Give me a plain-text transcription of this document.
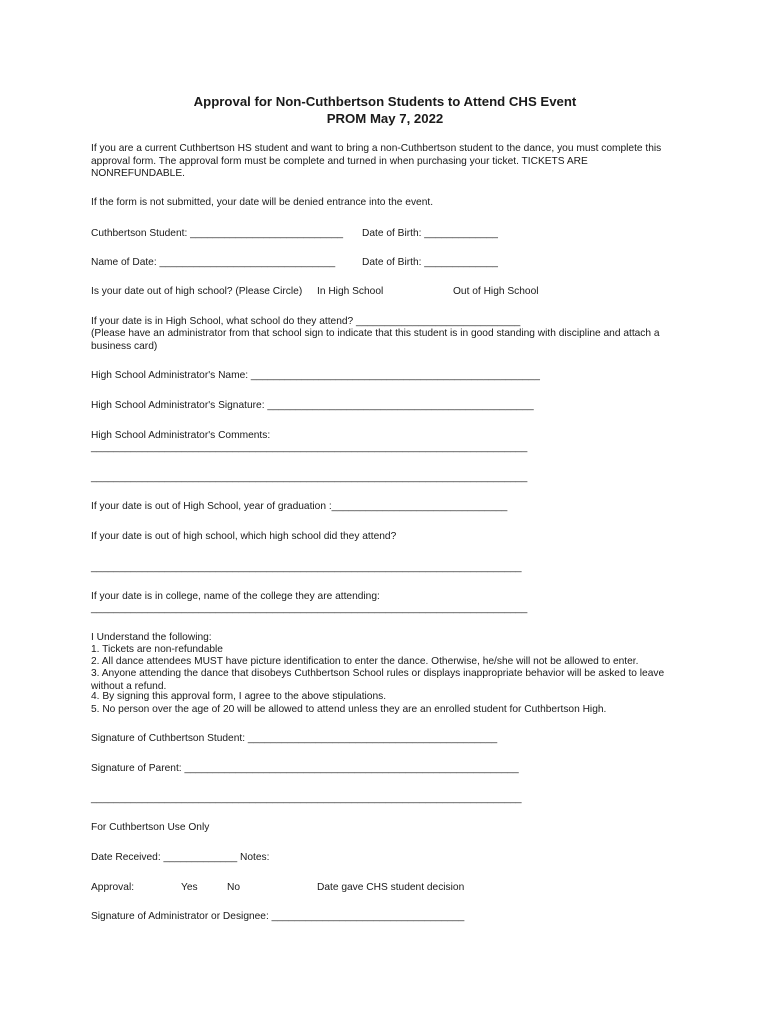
Approval for Non-Cuthbertson Students to Attend CHS Event
PROM May 7, 2022
If you are a current Cuthbertson HS student and want to bring a non-Cuthbertson student to the dance, you must complete this approval form. The approval form must be complete and turned in when purchasing your ticket. TICKETS ARE NONREFUNDABLE.
If the form is not submitted, your date will be denied entrance into the event.
Cuthbertson Student: ___________________________ Date of Birth: _____________
Name of Date: _______________________________	Date of Birth: _____________
Is your date out of high school? (Please Circle) In High School	Out of High School
If your date is in High School, what school do they attend? _____________________________
(Please have an administrator from that school sign to indicate that this student is in good standing with discipline and attach a business card)
High School Administrator's Name: ___________________________________________________
High School Administrator's Signature: _______________________________________________
High School Administrator's Comments:
_____________________________________________________________________________
_____________________________________________________________________________
If your date is out of High School, year of graduation :_______________________________
If your date is out of high school, which high school did they attend?
____________________________________________________________________________
If your date is in college, name of the college they are attending:
_____________________________________________________________________________
I Understand the following:
1. Tickets are non-refundable
2. All dance attendees MUST have picture identification to enter the dance. Otherwise, he/she will not be allowed to enter.
3. Anyone attending the dance that disobeys Cuthbertson School rules or displays inappropriate behavior will be asked to leave without a refund.
4. By signing this approval form, I agree to the above stipulations.
5. No person over the age of 20 will be allowed to attend unless they are an enrolled student for Cuthbertson High.
Signature of Cuthbertson Student: ____________________________________________
Signature of Parent: ___________________________________________________________
____________________________________________________________________________
For Cuthbertson Use Only
Date Received: _____________ Notes:
Approval:	Yes	No	Date gave CHS student decision
Signature of Administrator or Designee: __________________________________
